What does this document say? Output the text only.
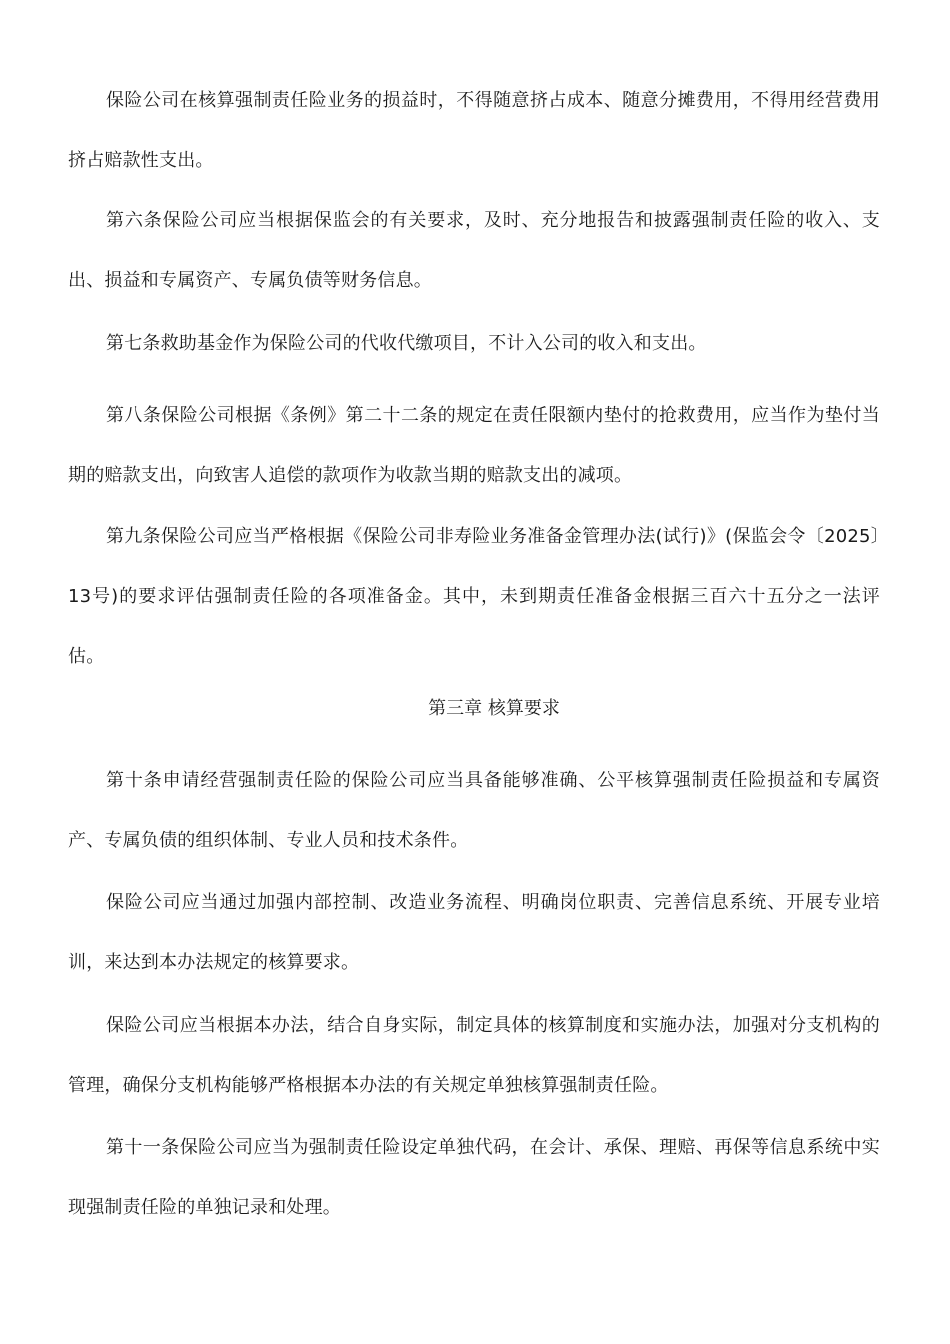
保险公司在核算强制责任险业务的损益时，不得随意挤占成本、随意分摊费用，不得用经营费用挤占赔款性支出。

第六条保险公司应当根据保监会的有关要求，及时、充分地报告和披露强制责任险的收入、支出、损益和专属资产、专属负债等财务信息。

第七条救助基金作为保险公司的代收代缴项目，不计入公司的收入和支出。

第八条保险公司根据《条例》第二十二条的规定在责任限额内垫付的抢救费用，应当作为垫付当期的赔款支出，向致害人追偿的款项作为收款当期的赔款支出的减项。

第九条保险公司应当严格根据《保险公司非寿险业务准备金管理办法(试行)》(保监会令〔2025〕13号)的要求评估强制责任险的各项准备金。其中，未到期责任准备金根据三百六十五分之一法评估。

第三章 核算要求

第十条申请经营强制责任险的保险公司应当具备能够准确、公平核算强制责任险损益和专属资产、专属负债的组织体制、专业人员和技术条件。

保险公司应当通过加强内部控制、改造业务流程、明确岗位职责、完善信息系统、开展专业培训，来达到本办法规定的核算要求。

保险公司应当根据本办法，结合自身实际，制定具体的核算制度和实施办法，加强对分支机构的管理，确保分支机构能够严格根据本办法的有关规定单独核算强制责任险。

第十一条保险公司应当为强制责任险设定单独代码，在会计、承保、理赔、再保等信息系统中实现强制责任险的单独记录和处理。
